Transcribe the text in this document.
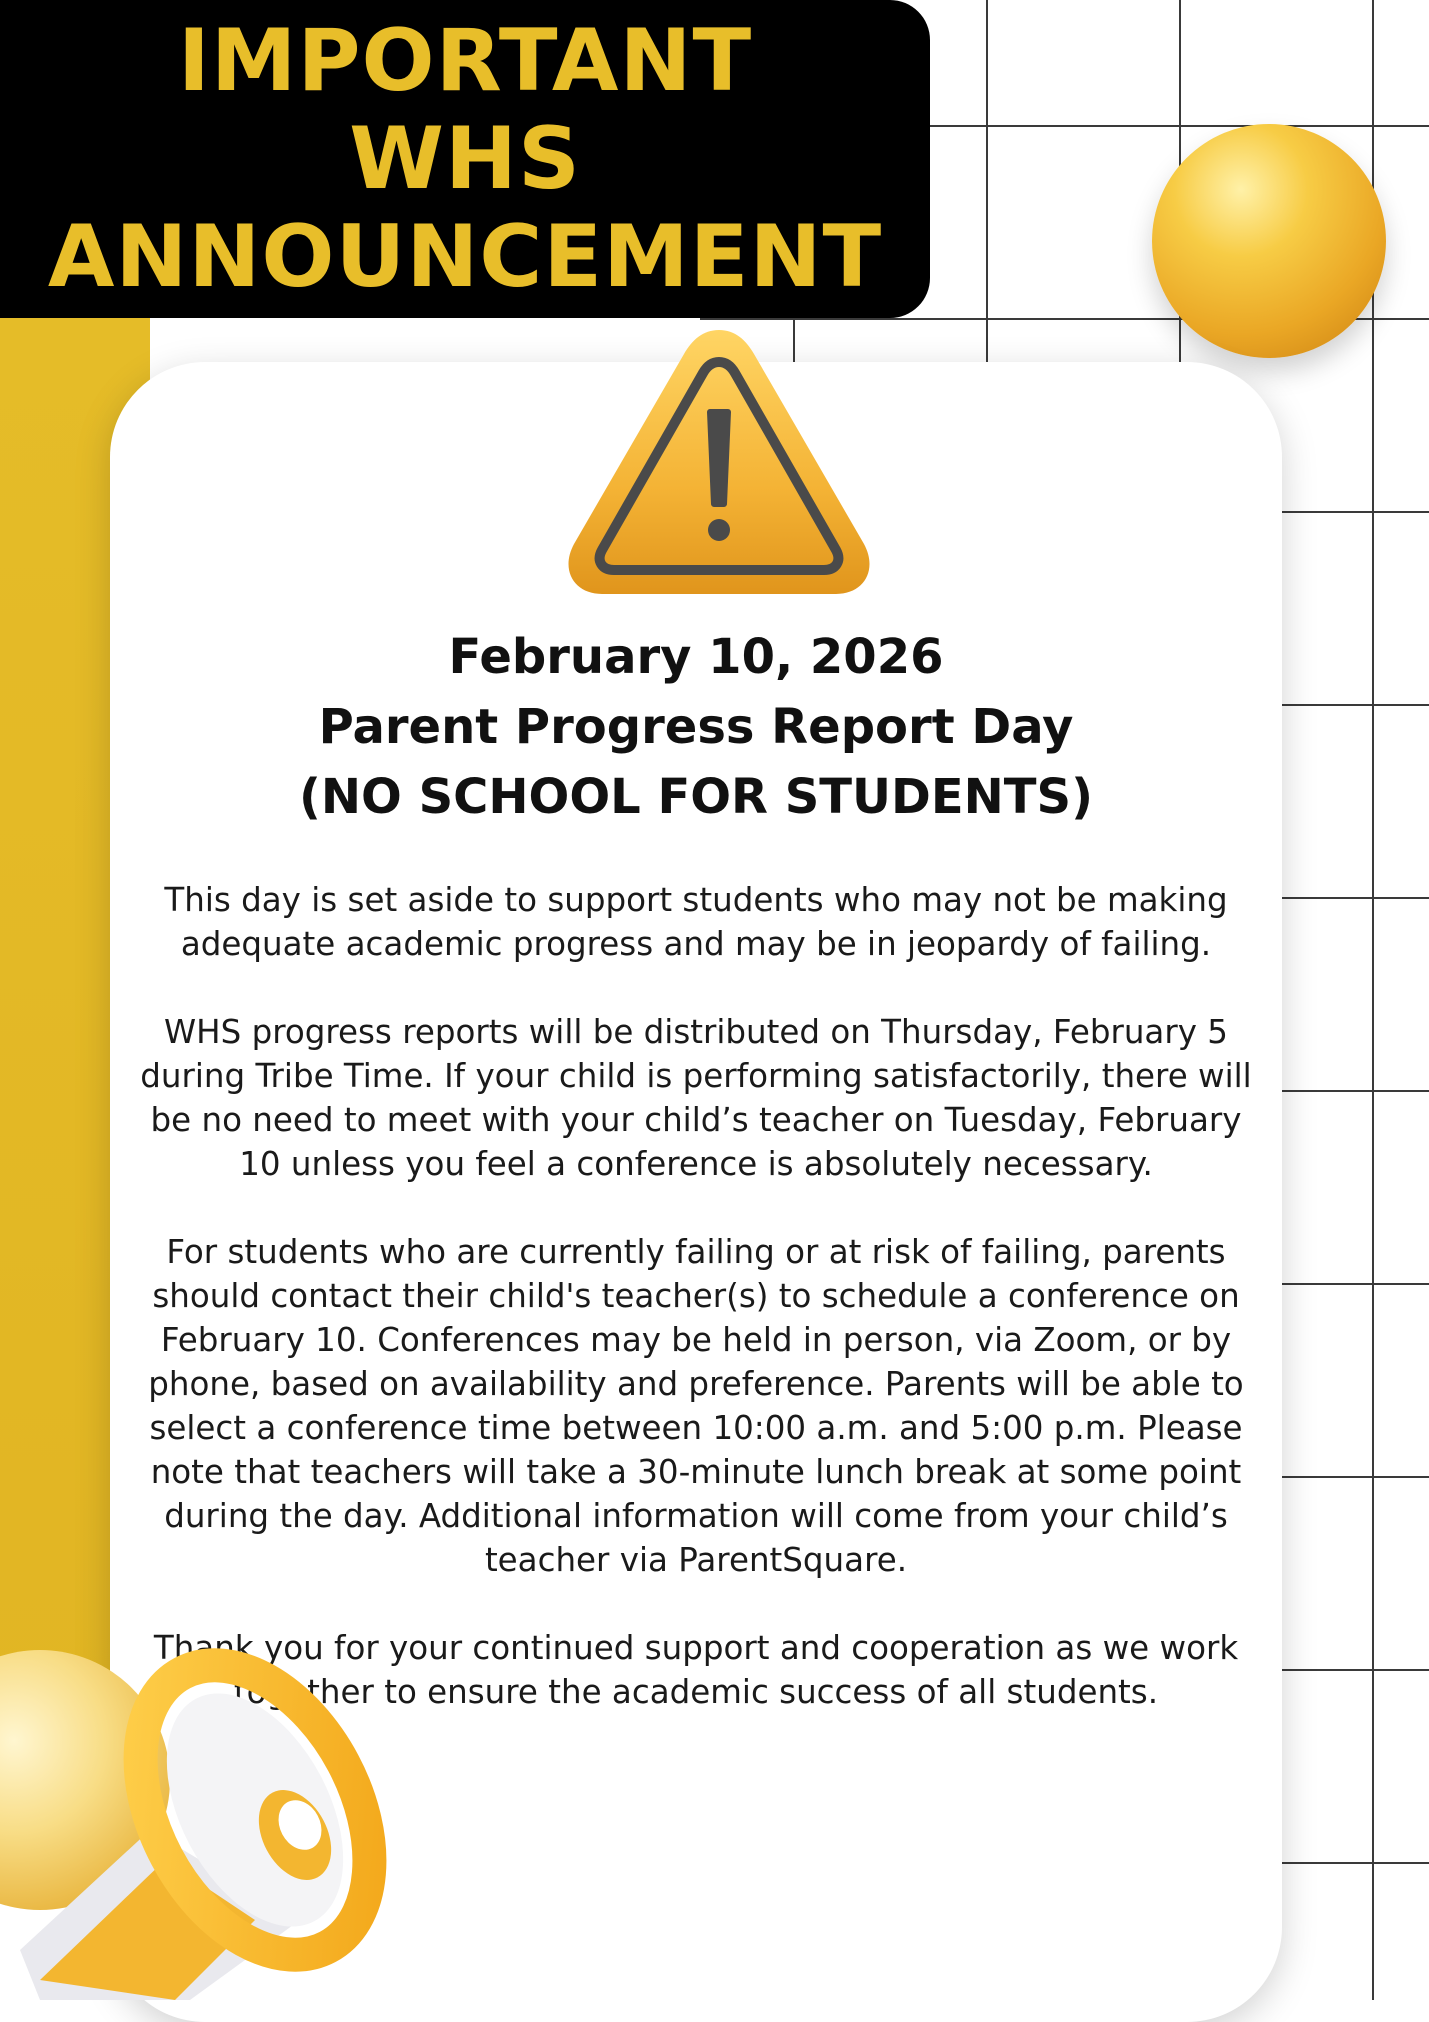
IMPORTANT
WHS
ANNOUNCEMENT
February 10, 2026
Parent Progress Report Day
(NO SCHOOL FOR STUDENTS)

This day is set aside to support students who may not be making adequate academic progress and may be in jeopardy of failing.

WHS progress reports will be distributed on Thursday, February 5 during Tribe Time. If your child is performing satisfactorily, there will be no need to meet with your child’s teacher on Tuesday, February 10 unless you feel a conference is absolutely necessary.

For students who are currently failing or at risk of failing, parents should contact their child's teacher(s) to schedule a conference on February 10. Conferences may be held in person, via Zoom, or by phone, based on availability and preference. Parents will be able to select a conference time between 10:00 a.m. and 5:00 p.m. Please note that teachers will take a 30-minute lunch break at some point during the day. Additional information will come from your child’s teacher via ParentSquare.

Thank you for your continued support and cooperation as we work together to ensure the academic success of all students.
